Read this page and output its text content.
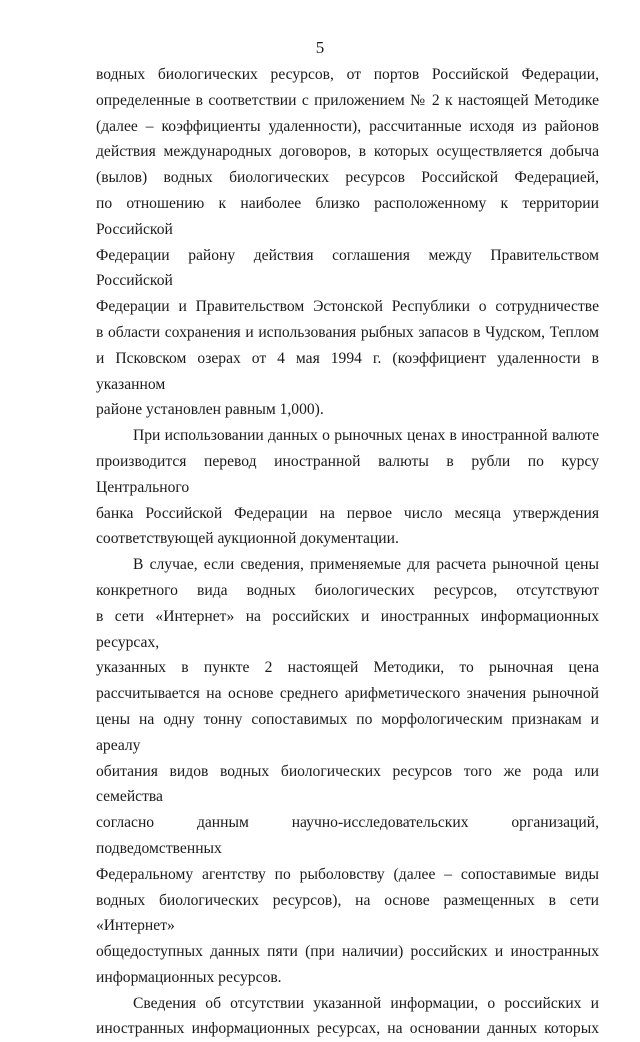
5
водных биологических ресурсов, от портов Российской Федерации,
определенные в соответствии с приложением № 2 к настоящей Методике
(далее – коэффициенты удаленности), рассчитанные исходя из районов
действия международных договоров, в которых осуществляется добыча
(вылов) водных биологических ресурсов Российской Федерацией,
по отношению к наиболее близко расположенному к территории Российской
Федерации району действия соглашения между Правительством Российской
Федерации и Правительством Эстонской Республики о сотрудничестве
в области сохранения и использования рыбных запасов в Чудском, Теплом
и Псковском озерах от 4 мая 1994 г. (коэффициент удаленности в указанном
районе установлен равным 1,000).
При использовании данных о рыночных ценах в иностранной валюте
производится перевод иностранной валюты в рубли по курсу Центрального
банка Российской Федерации на первое число месяца утверждения
соответствующей аукционной документации.
В случае, если сведения, применяемые для расчета рыночной цены
конкретного вида водных биологических ресурсов, отсутствуют
в сети «Интернет» на российских и иностранных информационных ресурсах,
указанных в пункте 2 настоящей Методики, то рыночная цена
рассчитывается на основе среднего арифметического значения рыночной
цены на одну тонну сопоставимых по морфологическим признакам и ареалу
обитания видов водных биологических ресурсов того же рода или семейства
согласно данным научно-исследовательских организаций, подведомственных
Федеральному агентству по рыболовству (далее – сопоставимые виды
водных биологических ресурсов), на основе размещенных в сети «Интернет»
общедоступных данных пяти (при наличии) российских и иностранных
информационных ресурсов.
Сведения об отсутствии указанной информации, о российских и
иностранных информационных ресурсах, на основании данных которых
